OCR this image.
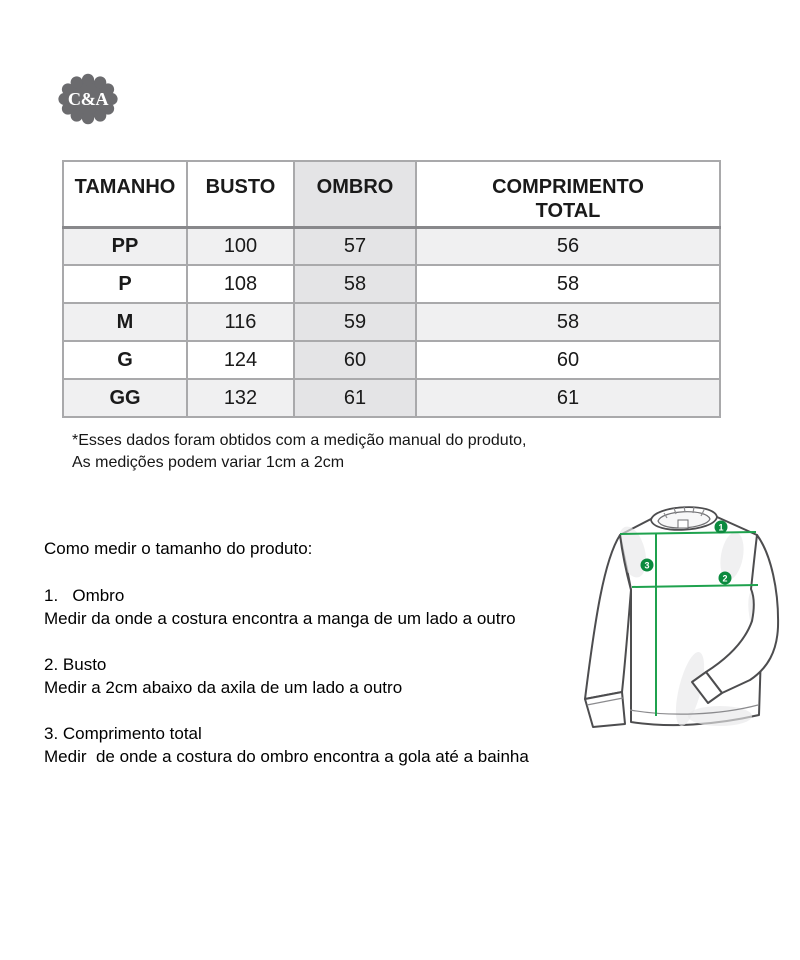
C&A
TAMANHO	BUSTO	OMBRO	COMPRIMENTO TOTAL
PP	100	57	56
P	108	58	58
M	116	59	58
G	124	60	60
GG	132	61	61
*Esses dados foram obtidos com a medição manual do produto,
As medições podem variar 1cm a 2cm
Como medir o tamanho do produto:
1.   Ombro
Medir da onde a costura encontra a manga de um lado a outro
2. Busto
Medir a 2cm abaixo da axila de um lado a outro
3. Comprimento total
Medir  de onde a costura do ombro encontra a gola até a bainha
1
2
3
